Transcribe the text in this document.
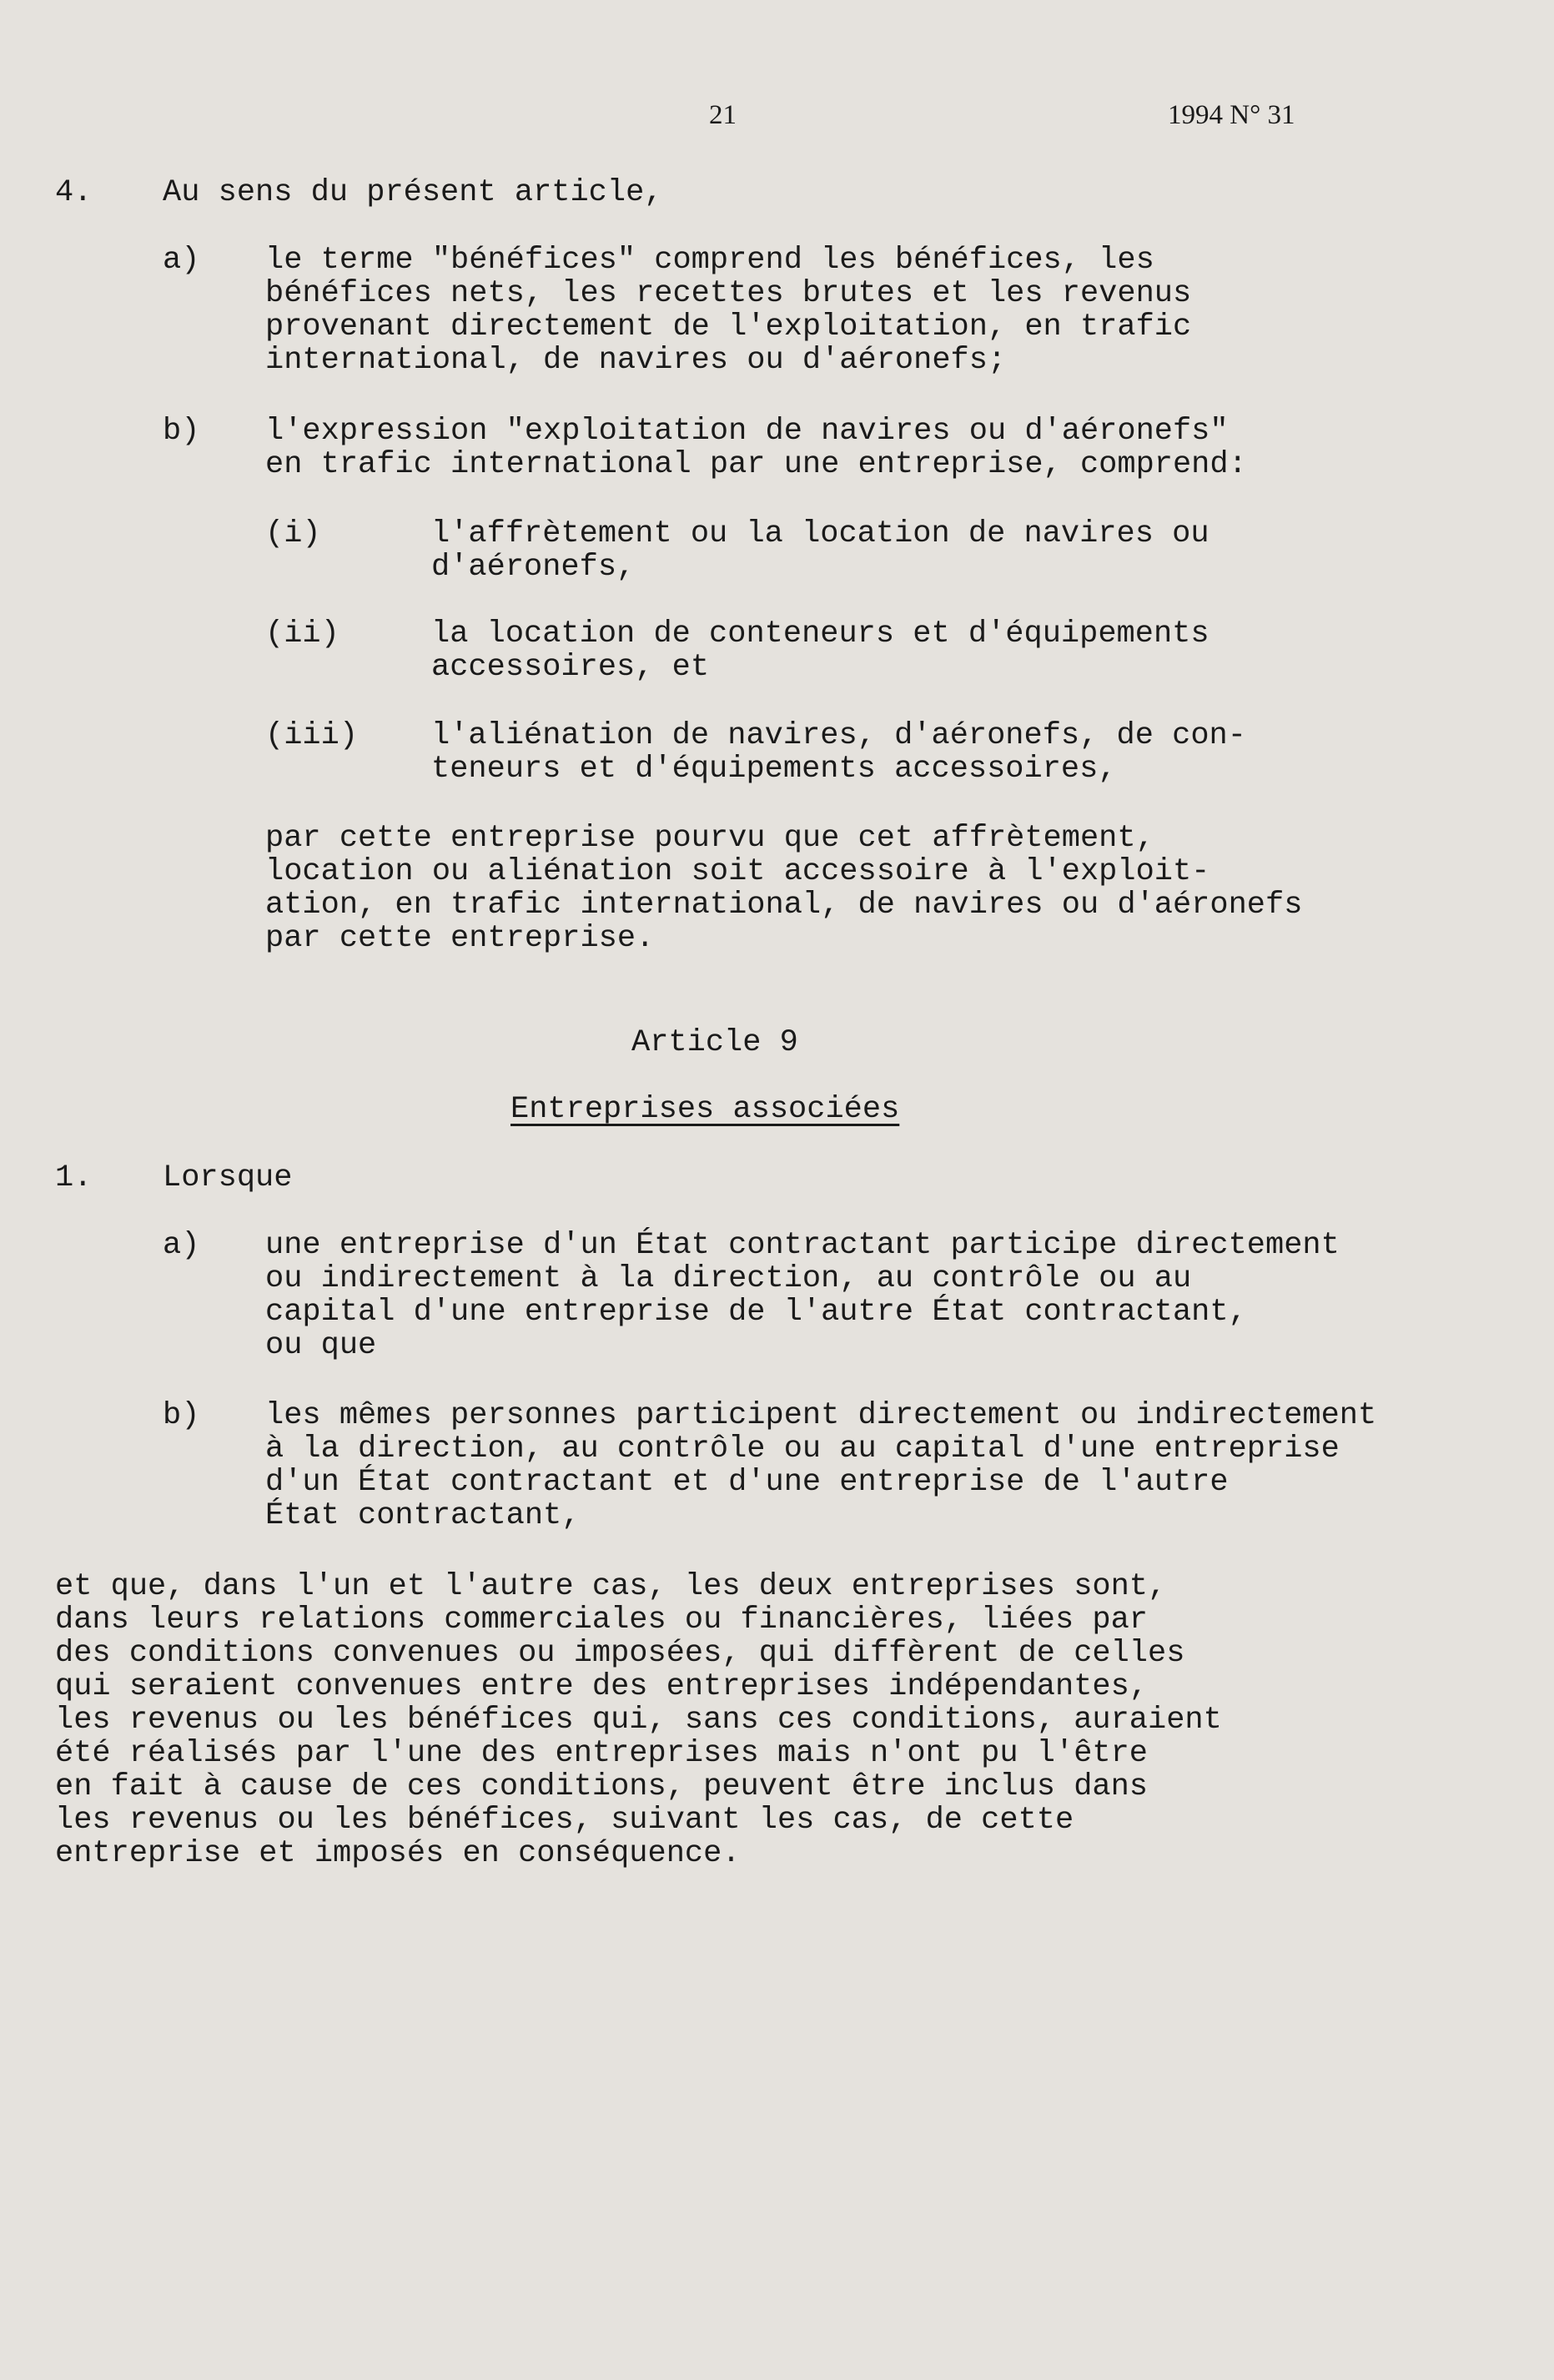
21	1994 N° 31
4. Au sens du présent article,
a) le terme "bénéfices" comprend les bénéfices, les
bénéfices nets, les recettes brutes et les revenus
provenant directement de l'exploitation, en trafic
international, de navires ou d'aéronefs;
b) l'expression "exploitation de navires ou d'aéronefs"
en trafic international par une entreprise, comprend:
(i)	l'affrètement ou la location de navires ou
d'aéronefs,
(ii)	la location de conteneurs et d'équipements
accessoires, et
(iii) l'aliénation de navires, d'aéronefs, de con-
teneurs et d'équipements accessoires,
par cette entreprise pourvu que cet affrètement,
location ou aliénation soit accessoire à l'exploit-
ation, en trafic international, de navires ou d'aéronefs
par cette entreprise.
Article 9
Entreprises associées
1. Lorsque
a) une entreprise d'un État contractant participe directement
ou indirectement à la direction, au contrôle ou au
capital d'une entreprise de l'autre État contractant,
ou que
b) les mêmes personnes participent directement ou indirectement
à la direction, au contrôle ou au capital d'une entreprise
d'un État contractant et d'une entreprise de l'autre
État contractant,
et que, dans l'un et l'autre cas, les deux entreprises sont,
dans leurs relations commerciales ou financières, liées par
des conditions convenues ou imposées, qui diffèrent de celles
qui seraient convenues entre des entreprises indépendantes,
les revenus ou les bénéfices qui, sans ces conditions, auraient
été réalisés par l'une des entreprises mais n'ont pu l'être
en fait à cause de ces conditions, peuvent être inclus dans
les revenus ou les bénéfices, suivant les cas, de cette
entreprise et imposés en conséquence.
